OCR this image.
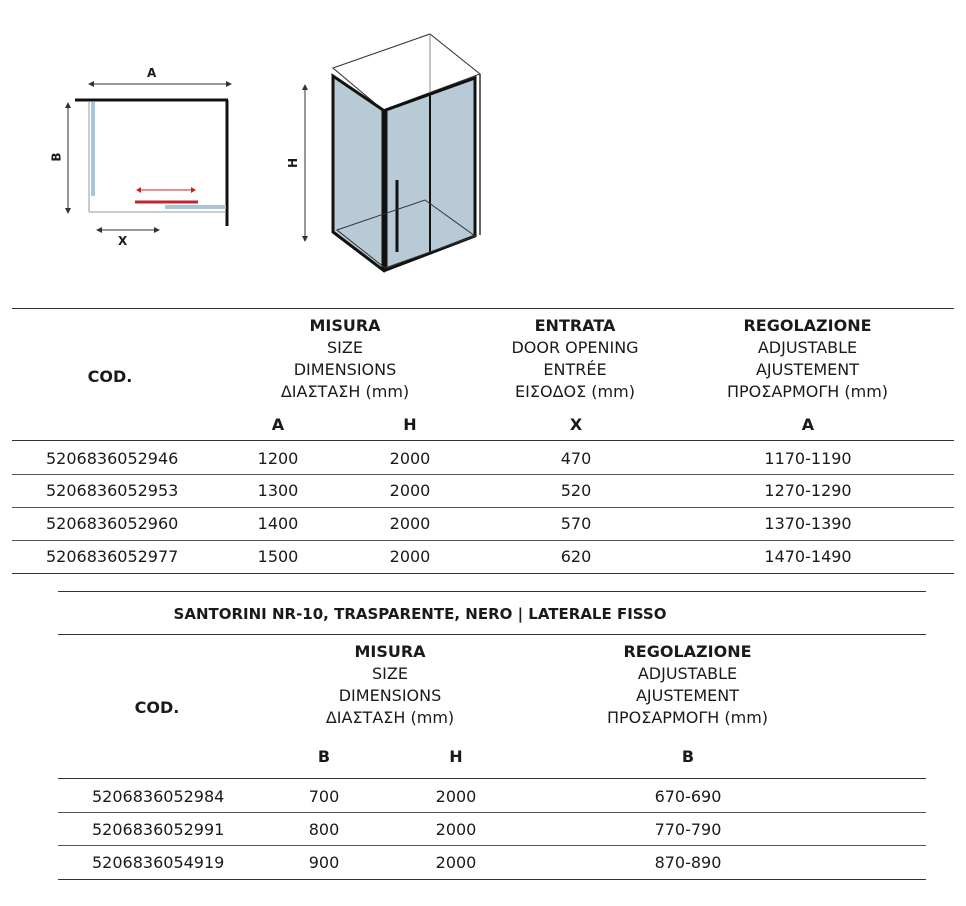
A
B
X
H
COD.
MISURA
SIZE
DIMENSIONS
ΔΙΑΣΤΑΣΗ (mm)
ENTRATA
DOOR OPENING
ENTRÉE
ΕΙΣΟΔΟΣ (mm)
REGOLAZIONE
ADJUSTABLE
AJUSTEMENT
ΠΡΟΣΑΡΜΟΓΗ (mm)
A	H	X	A
5206836052946	1200	2000	470	1170-1190
5206836052953	1300	2000	520	1270-1290
5206836052960	1400	2000	570	1370-1390
5206836052977	1500	2000	620	1470-1490
SANTORINI NR-10, TRASPARENTE, NERO | LATERALE FISSO
COD.
MISURA
SIZE
DIMENSIONS
ΔΙΑΣΤΑΣΗ (mm)
REGOLAZIONE
ADJUSTABLE
AJUSTEMENT
ΠΡΟΣΑΡΜΟΓΗ (mm)
B	H	B
5206836052984	700	2000	670-690
5206836052991	800	2000	770-790
5206836054919	900	2000	870-890
